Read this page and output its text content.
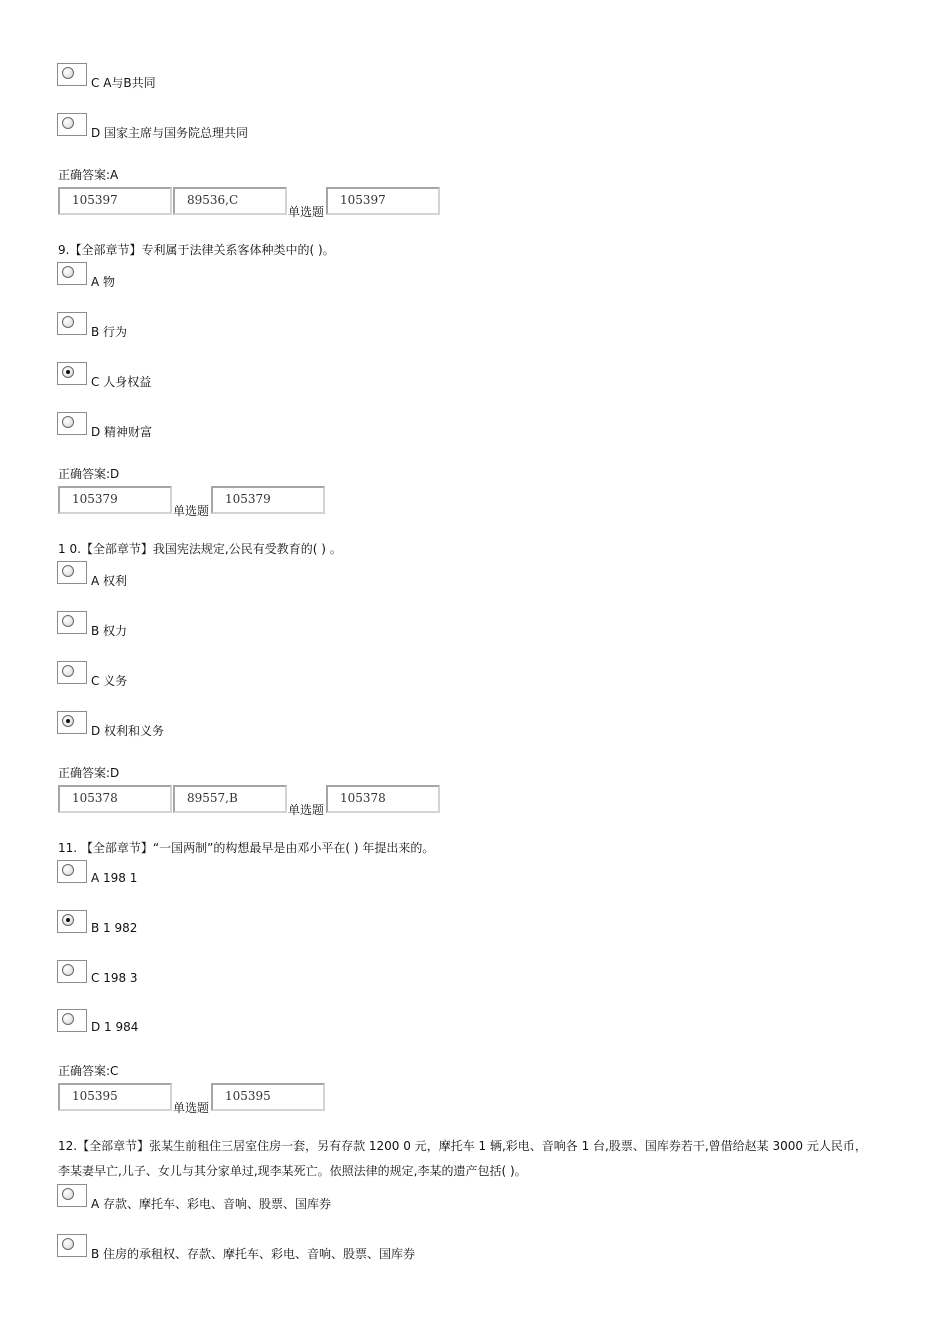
C A与B共同
D 国家主席与国务院总理共同
正确答案:A
105397	89536,C
单选题
105397
9.【全部章节】专利属于法律关系客体种类中的( )。
A 物
B 行为
C 人身权益
D 精神财富
正确答案:D
105379
单选题
105379
1 0.【全部章节】我国宪法规定,公民有受教育的( ) 。
A 权利
B 权力
C 义务
D 权利和义务
正确答案:D
105378	89557,B
单选题
105378
11. 【全部章节】“一国两制”的构想最早是由邓小平在( ) 年提出来的。
A 198 1
B 1 982
C 198 3
D 1 984
正确答案:C
105395
单选题
105395
12.【全部章节】张某生前租住三居室住房一套，另有存款 1200 0 元，摩托车 1 辆,彩电、音响各 1 台,股票、国库券若干,曾借给赵某 3000 元人民币，
李某妻早亡,儿子、女儿与其分家单过,现李某死亡。依照法律的规定,李某的遗产包括( )。
A 存款、摩托车、彩电、音响、股票、国库券
B 住房的承租权、存款、摩托车、彩电、音响、股票、国库券
